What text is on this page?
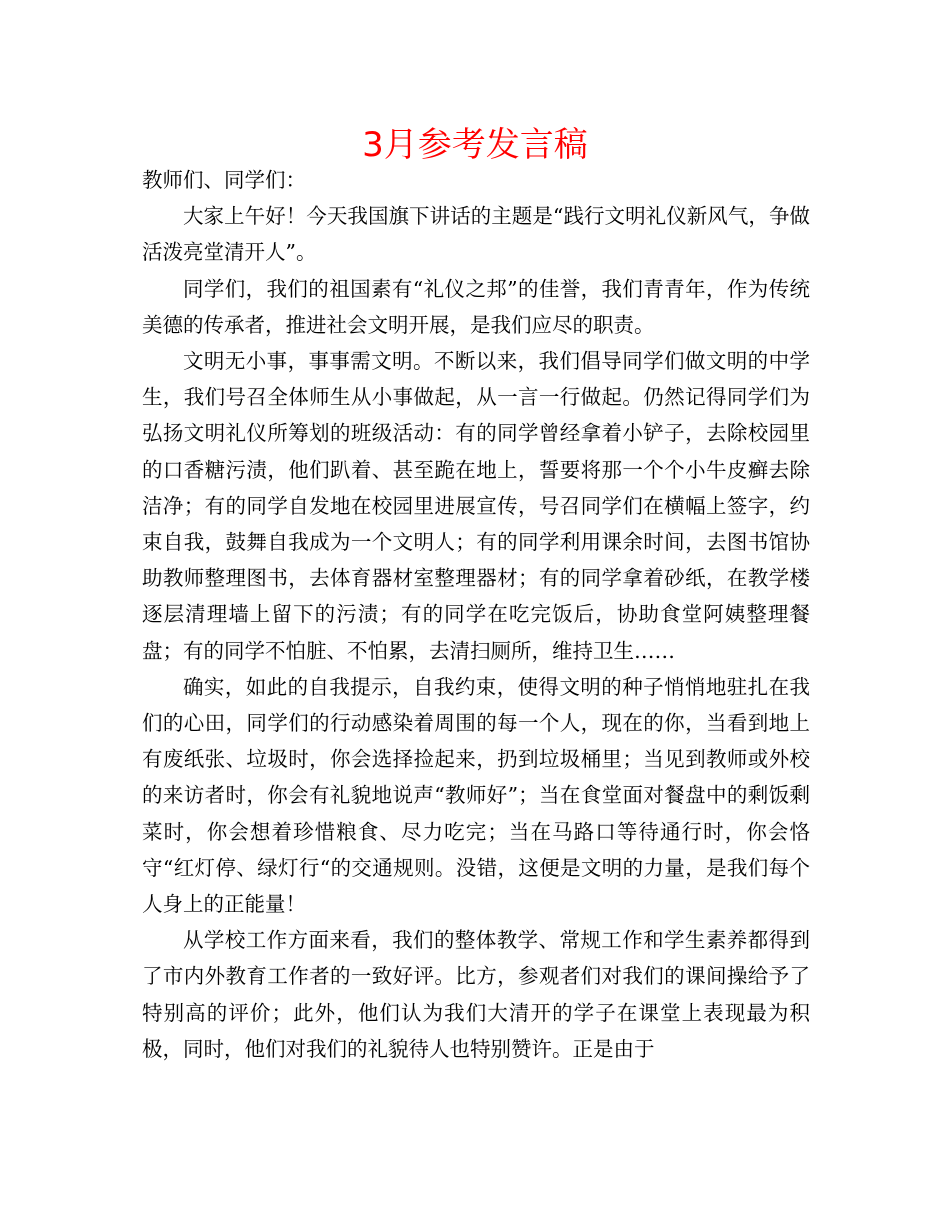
3月参考发言稿

教师们、同学们：

大家上午好！今天我国旗下讲话的主题是“践行文明礼仪新风气，争做活泼亮堂清开人”。

同学们，我们的祖国素有“礼仪之邦”的佳誉，我们青青年，作为传统美德的传承者，推进社会文明开展，是我们应尽的职责。

文明无小事，事事需文明。不断以来，我们倡导同学们做文明的中学生，我们号召全体师生从小事做起，从一言一行做起。仍然记得同学们为弘扬文明礼仪所筹划的班级活动：有的同学曾经拿着小铲子，去除校园里的口香糖污渍，他们趴着、甚至跪在地上，誓要将那一个个小牛皮癣去除洁净；有的同学自发地在校园里进展宣传，号召同学们在横幅上签字，约束自我，鼓舞自我成为一个文明人；有的同学利用课余时间，去图书馆协助教师整理图书，去体育器材室整理器材；有的同学拿着砂纸，在教学楼逐层清理墙上留下的污渍；有的同学在吃完饭后，协助食堂阿姨整理餐盘；有的同学不怕脏、不怕累，去清扫厕所，维持卫生……

确实，如此的自我提示，自我约束，使得文明的种子悄悄地驻扎在我们的心田，同学们的行动感染着周围的每一个人，现在的你，当看到地上有废纸张、垃圾时，你会选择捡起来，扔到垃圾桶里；当见到教师或外校的来访者时，你会有礼貌地说声“教师好”；当在食堂面对餐盘中的剩饭剩菜时，你会想着珍惜粮食、尽力吃完；当在马路口等待通行时，你会恪守“红灯停、绿灯行“的交通规则。没错，这便是文明的力量，是我们每个人身上的正能量！

从学校工作方面来看，我们的整体教学、常规工作和学生素养都得到了市内外教育工作者的一致好评。比方，参观者们对我们的课间操给予了特别高的评价；此外，他们认为我们大清开的学子在课堂上表现最为积极，同时，他们对我们的礼貌待人也特别赞许。正是由于
